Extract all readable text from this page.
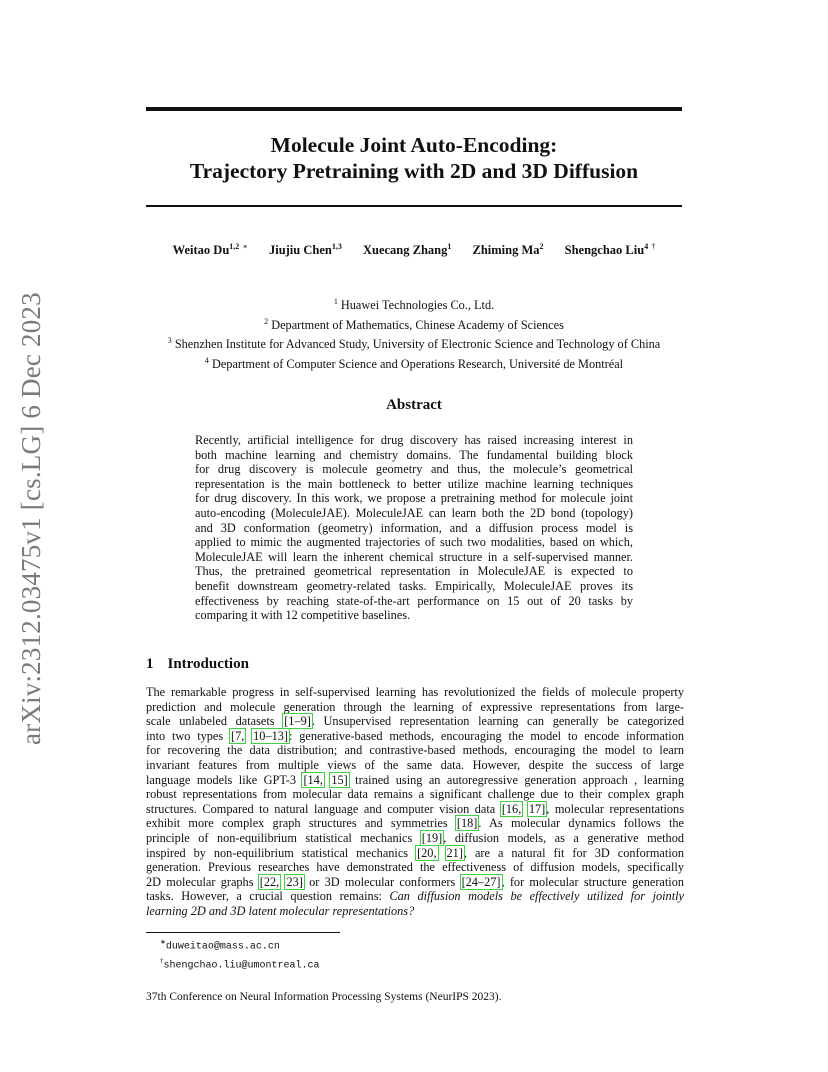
arXiv:2312.03475v1 [cs.LG] 6 Dec 2023
Molecule Joint Auto-Encoding:
Trajectory Pretraining with 2D and 3D Diffusion
Weitao Du$^{1,2}$ ∗ Jiujiu Chen$^{1,3}$ Xuecang Zhang$^1$ Zhiming Ma$^2$ Shengchao Liu$^4$ †
$^1$ Huawei Technologies Co., Ltd.
$^2$ Department of Mathematics, Chinese Academy of Sciences
$^3$ Shenzhen Institute for Advanced Study, University of Electronic Science and Technology of China
$^4$ Department of Computer Science and Operations Research, Université de Montréal
Abstract
Recently, artificial intelligence for drug discovery has raised increasing interest in
both machine learning and chemistry domains. The fundamental building block
for drug discovery is molecule geometry and thus, the molecule’s geometrical
representation is the main bottleneck to better utilize machine learning techniques
for drug discovery. In this work, we propose a pretraining method for molecule joint
auto-encoding (MoleculeJAE). MoleculeJAE can learn both the 2D bond (topology)
and 3D conformation (geometry) information, and a diffusion process model is
applied to mimic the augmented trajectories of such two modalities, based on which,
MoleculeJAE will learn the inherent chemical structure in a self-supervised manner.
Thus, the pretrained geometrical representation in MoleculeJAE is expected to
benefit downstream geometry-related tasks. Empirically, MoleculeJAE proves its
effectiveness by reaching state-of-the-art performance on 15 out of 20 tasks by
comparing it with 12 competitive baselines.
1 Introduction
The remarkable progress in self-supervised learning has revolutionized the fields of molecule property
prediction and molecule generation through the learning of expressive representations from large-
scale unlabeled datasets [1–9]. Unsupervised representation learning can generally be categorized
into two types [7, 10–13]: generative-based methods, encouraging the model to encode information
for recovering the data distribution; and contrastive-based methods, encouraging the model to learn
invariant features from multiple views of the same data. However, despite the success of large
language models like GPT-3 [14, 15] trained using an autoregressive generation approach , learning
robust representations from molecular data remains a significant challenge due to their complex graph
structures. Compared to natural language and computer vision data [16, 17], molecular representations
exhibit more complex graph structures and symmetries [18]. As molecular dynamics follows the
principle of non-equilibrium statistical mechanics [19], diffusion models, as a generative method
inspired by non-equilibrium statistical mechanics [20, 21], are a natural fit for 3D conformation
generation. Previous researches have demonstrated the effectiveness of diffusion models, specifically
2D molecular graphs [22, 23] or 3D molecular conformers [24–27], for molecular structure generation
tasks. However, a crucial question remains: Can diffusion models be effectively utilized for jointly
learning 2D and 3D latent molecular representations?
∗duweitao@mass.ac.cn
†shengchao.liu@umontreal.ca
37th Conference on Neural Information Processing Systems (NeurIPS 2023).
